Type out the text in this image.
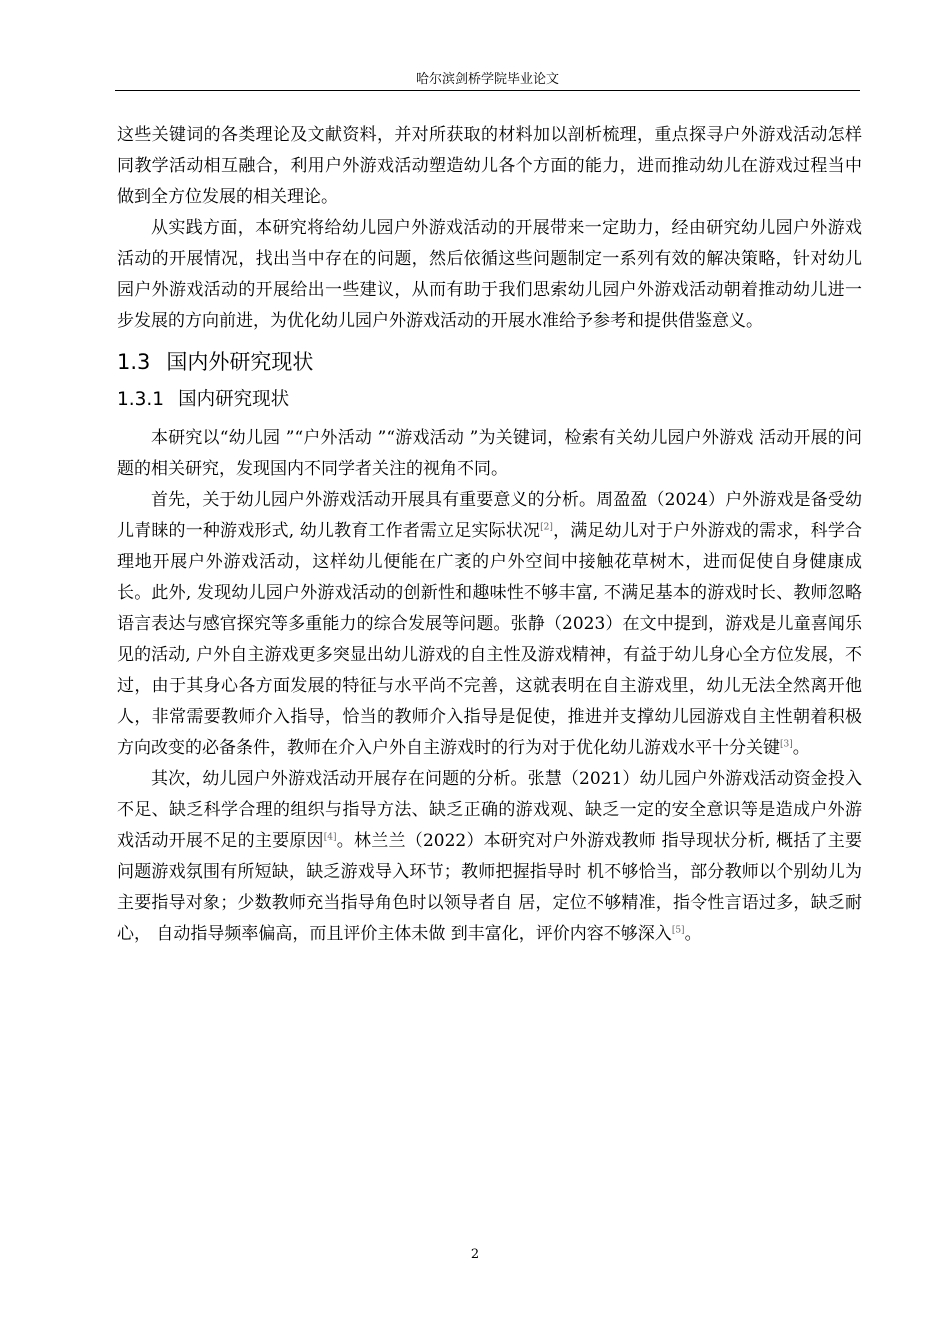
哈尔滨剑桥学院毕业论文

这些关键词的各类理论及文献资料，并对所获取的材料加以剖析梳理，重点探寻户外游戏活动怎样同教学活动相互融合，利用户外游戏活动塑造幼儿各个方面的能力，进而推动幼儿在游戏过程当中做到全方位发展的相关理论。

从实践方面，本研究将给幼儿园户外游戏活动的开展带来一定助力，经由研究幼儿园户外游戏活动的开展情况，找出当中存在的问题，然后依循这些问题制定一系列有效的解决策略，针对幼儿园户外游戏活动的开展给出一些建议，从而有助于我们思索幼儿园户外游戏活动朝着推动幼儿进一步发展的方向前进，为优化幼儿园户外游戏活动的开展水准给予参考和提供借鉴意义。

1.3 国内外研究现状
1.3.1 国内研究现状

本研究以“幼儿园 ”“户外活动 ”“游戏活动 ”为关键词，检索有关幼儿园户外游戏 活动开展的问题的相关研究，发现国内不同学者关注的视角不同。

首先，关于幼儿园户外游戏活动开展具有重要意义的分析。周盈盈（2024）户外游戏是备受幼儿青睐的一种游戏形式, 幼儿教育工作者需立足实际状况[2]，满足幼儿对于户外游戏的需求，科学合理地开展户外游戏活动，这样幼儿便能在广袤的户外空间中接触花草树木，进而促使自身健康成长。此外, 发现幼儿园户外游戏活动的创新性和趣味性不够丰富, 不满足基本的游戏时长、教师忽略语言表达与感官探究等多重能力的综合发展等问题。张静（2023）在文中提到，游戏是儿童喜闻乐见的活动, 户外自主游戏更多突显出幼儿游戏的自主性及游戏精神，有益于幼儿身心全方位发展，不过，由于其身心各方面发展的特征与水平尚不完善，这就表明在自主游戏里，幼儿无法全然离开他人，非常需要教师介入指导，恰当的教师介入指导是促使，推进并支撑幼儿园游戏自主性朝着积极方向改变的必备条件，教师在介入户外自主游戏时的行为对于优化幼儿游戏水平十分关键[3]。

其次，幼儿园户外游戏活动开展存在问题的分析。张慧（2021）幼儿园户外游戏活动资金投入不足、缺乏科学合理的组织与指导方法、缺乏正确的游戏观、缺乏一定的安全意识等是造成户外游戏活动开展不足的主要原因[4]。林兰兰（2022）本研究对户外游戏教师 指导现状分析, 概括了主要问题游戏氛围有所短缺，缺乏游戏导入环节；教师把握指导时 机不够恰当，部分教师以个别幼儿为主要指导对象；少数教师充当指导角色时以领导者自 居，定位不够精准，指令性言语过多，缺乏耐心， 自动指导频率偏高，而且评价主体未做 到丰富化，评价内容不够深入[5]。

2
